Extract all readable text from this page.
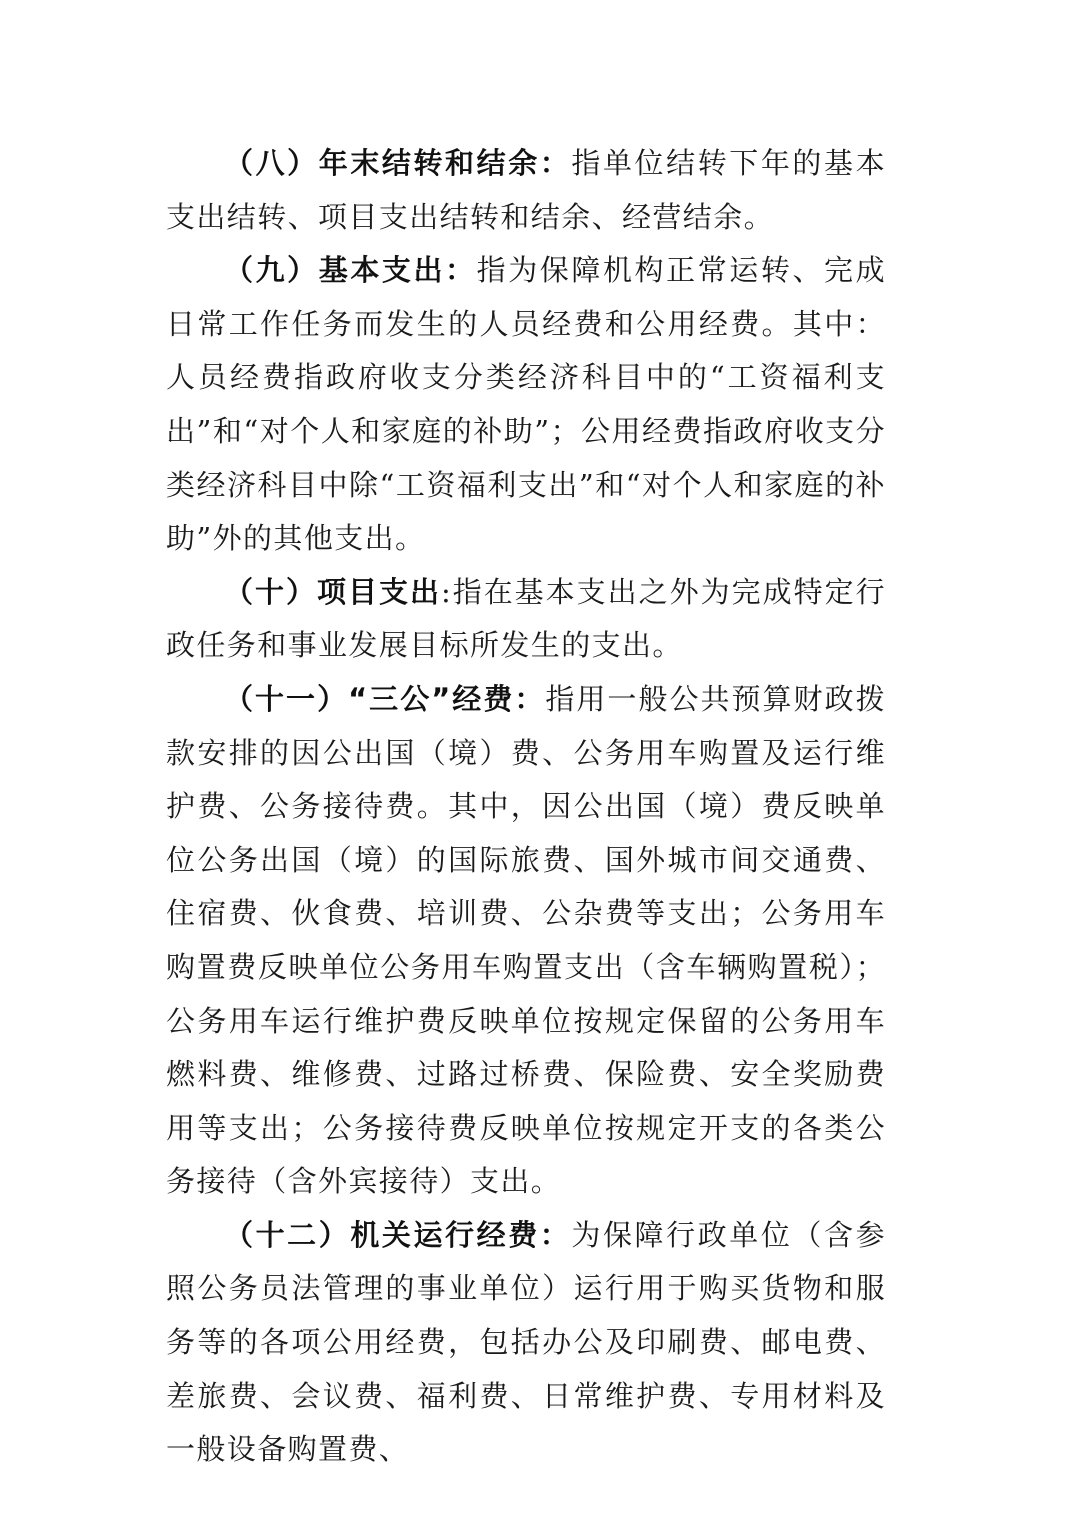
（八）年末结转和结余：指单位结转下年的基本支出结转、项目支出结转和结余、经营结余。

（九）基本支出：指为保障机构正常运转、完成日常工作任务而发生的人员经费和公用经费。其中：人员经费指政府收支分类经济科目中的“工资福利支出”和“对个人和家庭的补助”；公用经费指政府收支分类经济科目中除“工资福利支出”和“对个人和家庭的补助”外的其他支出。

（十）项目支出:指在基本支出之外为完成特定行政任务和事业发展目标所发生的支出。

（十一）“三公”经费：指用一般公共预算财政拨款安排的因公出国（境）费、公务用车购置及运行维护费、公务接待费。其中，因公出国（境）费反映单位公务出国（境）的国际旅费、国外城市间交通费、住宿费、伙食费、培训费、公杂费等支出；公务用车购置费反映单位公务用车购置支出（含车辆购置税）；公务用车运行维护费反映单位按规定保留的公务用车燃料费、维修费、过路过桥费、保险费、安全奖励费用等支出；公务接待费反映单位按规定开支的各类公务接待（含外宾接待）支出。

（十二）机关运行经费：为保障行政单位（含参照公务员法管理的事业单位）运行用于购买货物和服务等的各项公用经费，包括办公及印刷费、邮电费、差旅费、会议费、福利费、日常维护费、专用材料及一般设备购置费、
